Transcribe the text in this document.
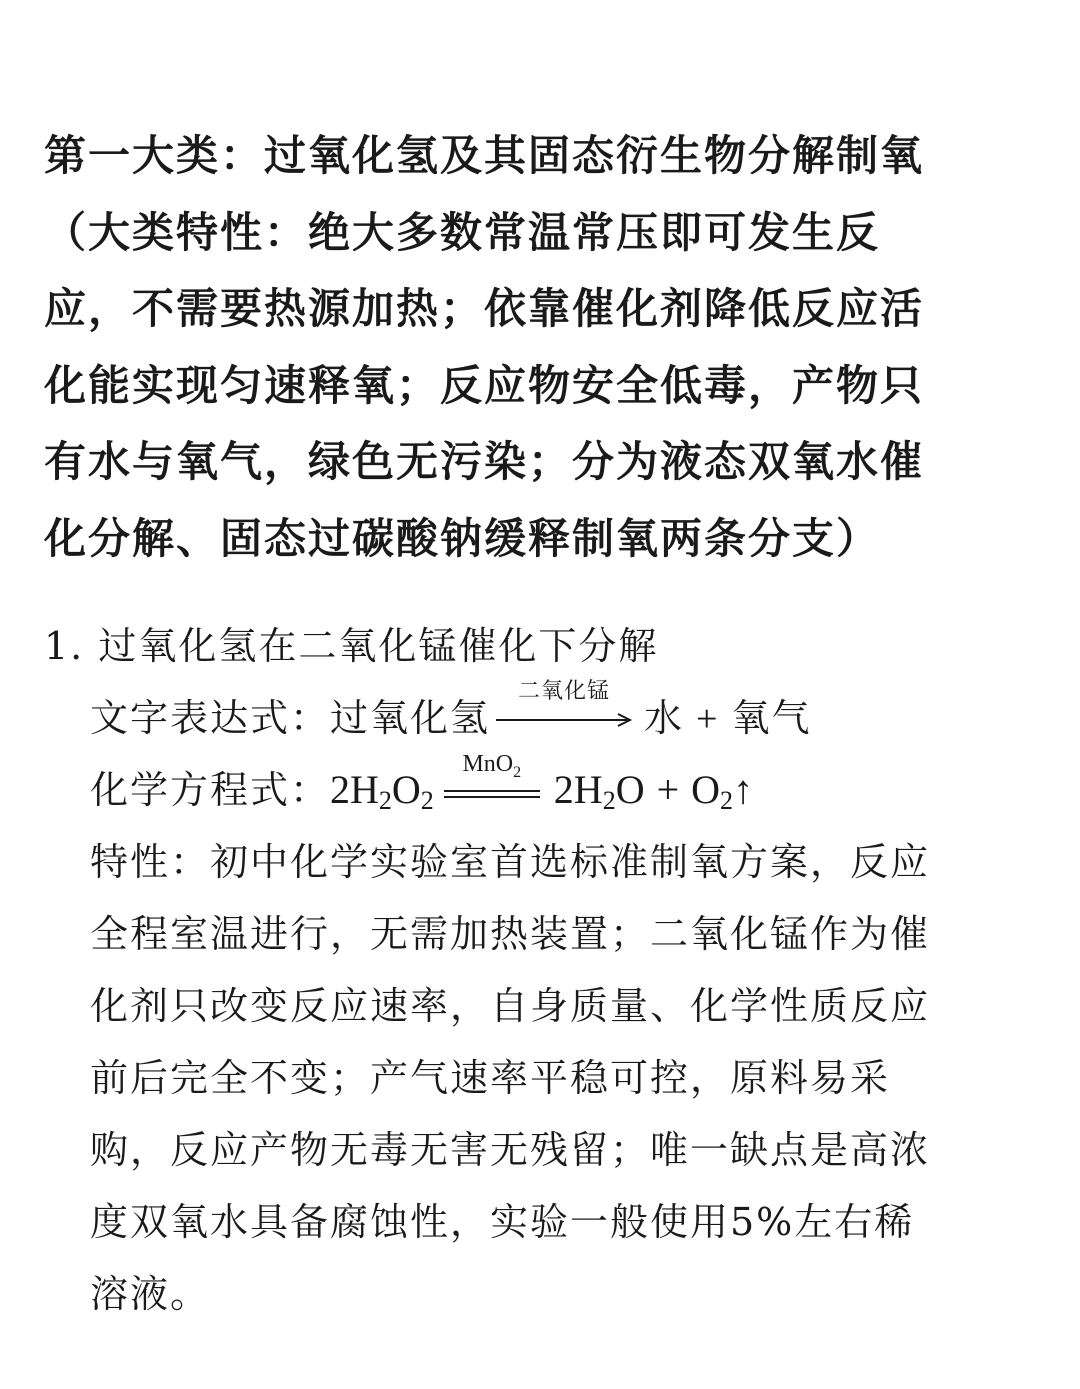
第一大类：过氧化氢及其固态衍生物分解制氧

（大类特性：绝大多数常温常压即可发生反

应，不需要热源加热；依靠催化剂降低反应活

化能实现匀速释氧；反应物安全低毒，产物只

有水与氧气，绿色无污染；分为液态双氧水催

化分解、固态过碳酸钠缓释制氧两条分支）

1. 过氧化氢在二氧化锰催化下分解

文字表达式：过氧化氢
二氧化锰
水 + 氧气

化学方程式：$2H_2O_2$
MnO$_2$ $2H_2O$ + $O_2↑$

特性：初中化学实验室首选标准制氧方案，反应

全程室温进行，无需加热装置；二氧化锰作为催

化剂只改变反应速率，自身质量、化学性质反应

前后完全不变；产气速率平稳可控，原料易采

购，反应产物无毒无害无残留；唯一缺点是高浓

度双氧水具备腐蚀性，实验一般使用5%左右稀

溶液。
